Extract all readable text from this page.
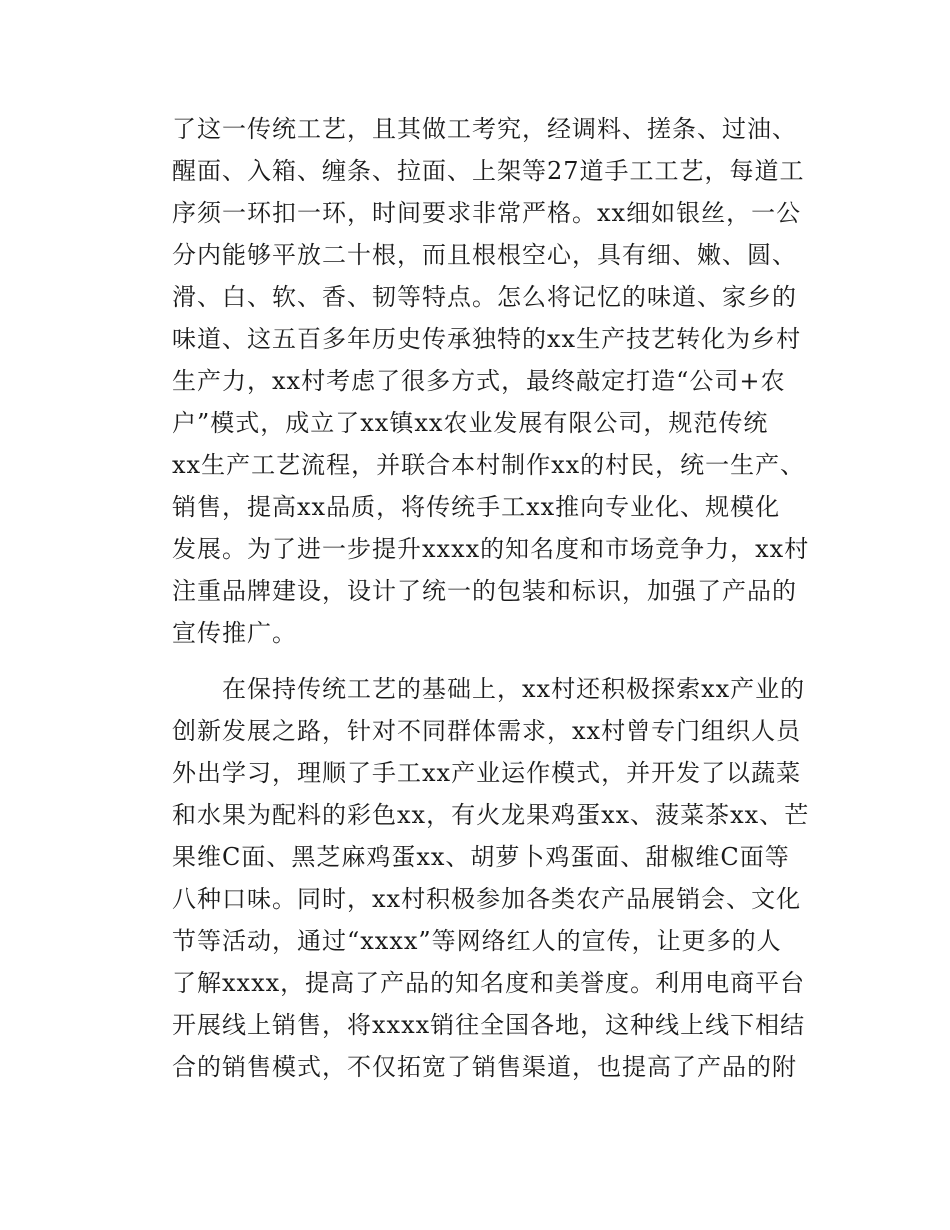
了这一传统工艺，且其做工考究，经调料、搓条、过油、
醒面、入箱、缠条、拉面、上架等27道手工工艺，每道工
序须一环扣一环，时间要求非常严格。xx细如银丝，一公
分内能够平放二十根，而且根根空心，具有细、嫩、圆、
滑、白、软、香、韧等特点。怎么将记忆的味道、家乡的
味道、这五百多年历史传承独特的xx生产技艺转化为乡村
生产力，xx村考虑了很多方式，最终敲定打造“公司+农
户”模式，成立了xx镇xx农业发展有限公司，规范传统
xx生产工艺流程，并联合本村制作xx的村民，统一生产、
销售，提高xx品质，将传统手工xx推向专业化、规模化
发展。为了进一步提升xxxx的知名度和市场竞争力，xx村
注重品牌建设，设计了统一的包装和标识，加强了产品的
宣传推广。
在保持传统工艺的基础上，xx村还积极探索xx产业的
创新发展之路，针对不同群体需求，xx村曾专门组织人员
外出学习，理顺了手工xx产业运作模式，并开发了以蔬菜
和水果为配料的彩色xx，有火龙果鸡蛋xx、菠菜茶xx、芒
果维C面、黑芝麻鸡蛋xx、胡萝卜鸡蛋面、甜椒维C面等
八种口味。同时，xx村积极参加各类农产品展销会、文化
节等活动，通过“xxxx”等网络红人的宣传，让更多的人
了解xxxx，提高了产品的知名度和美誉度。利用电商平台
开展线上销售，将xxxx销往全国各地，这种线上线下相结
合的销售模式，不仅拓宽了销售渠道，也提高了产品的附
